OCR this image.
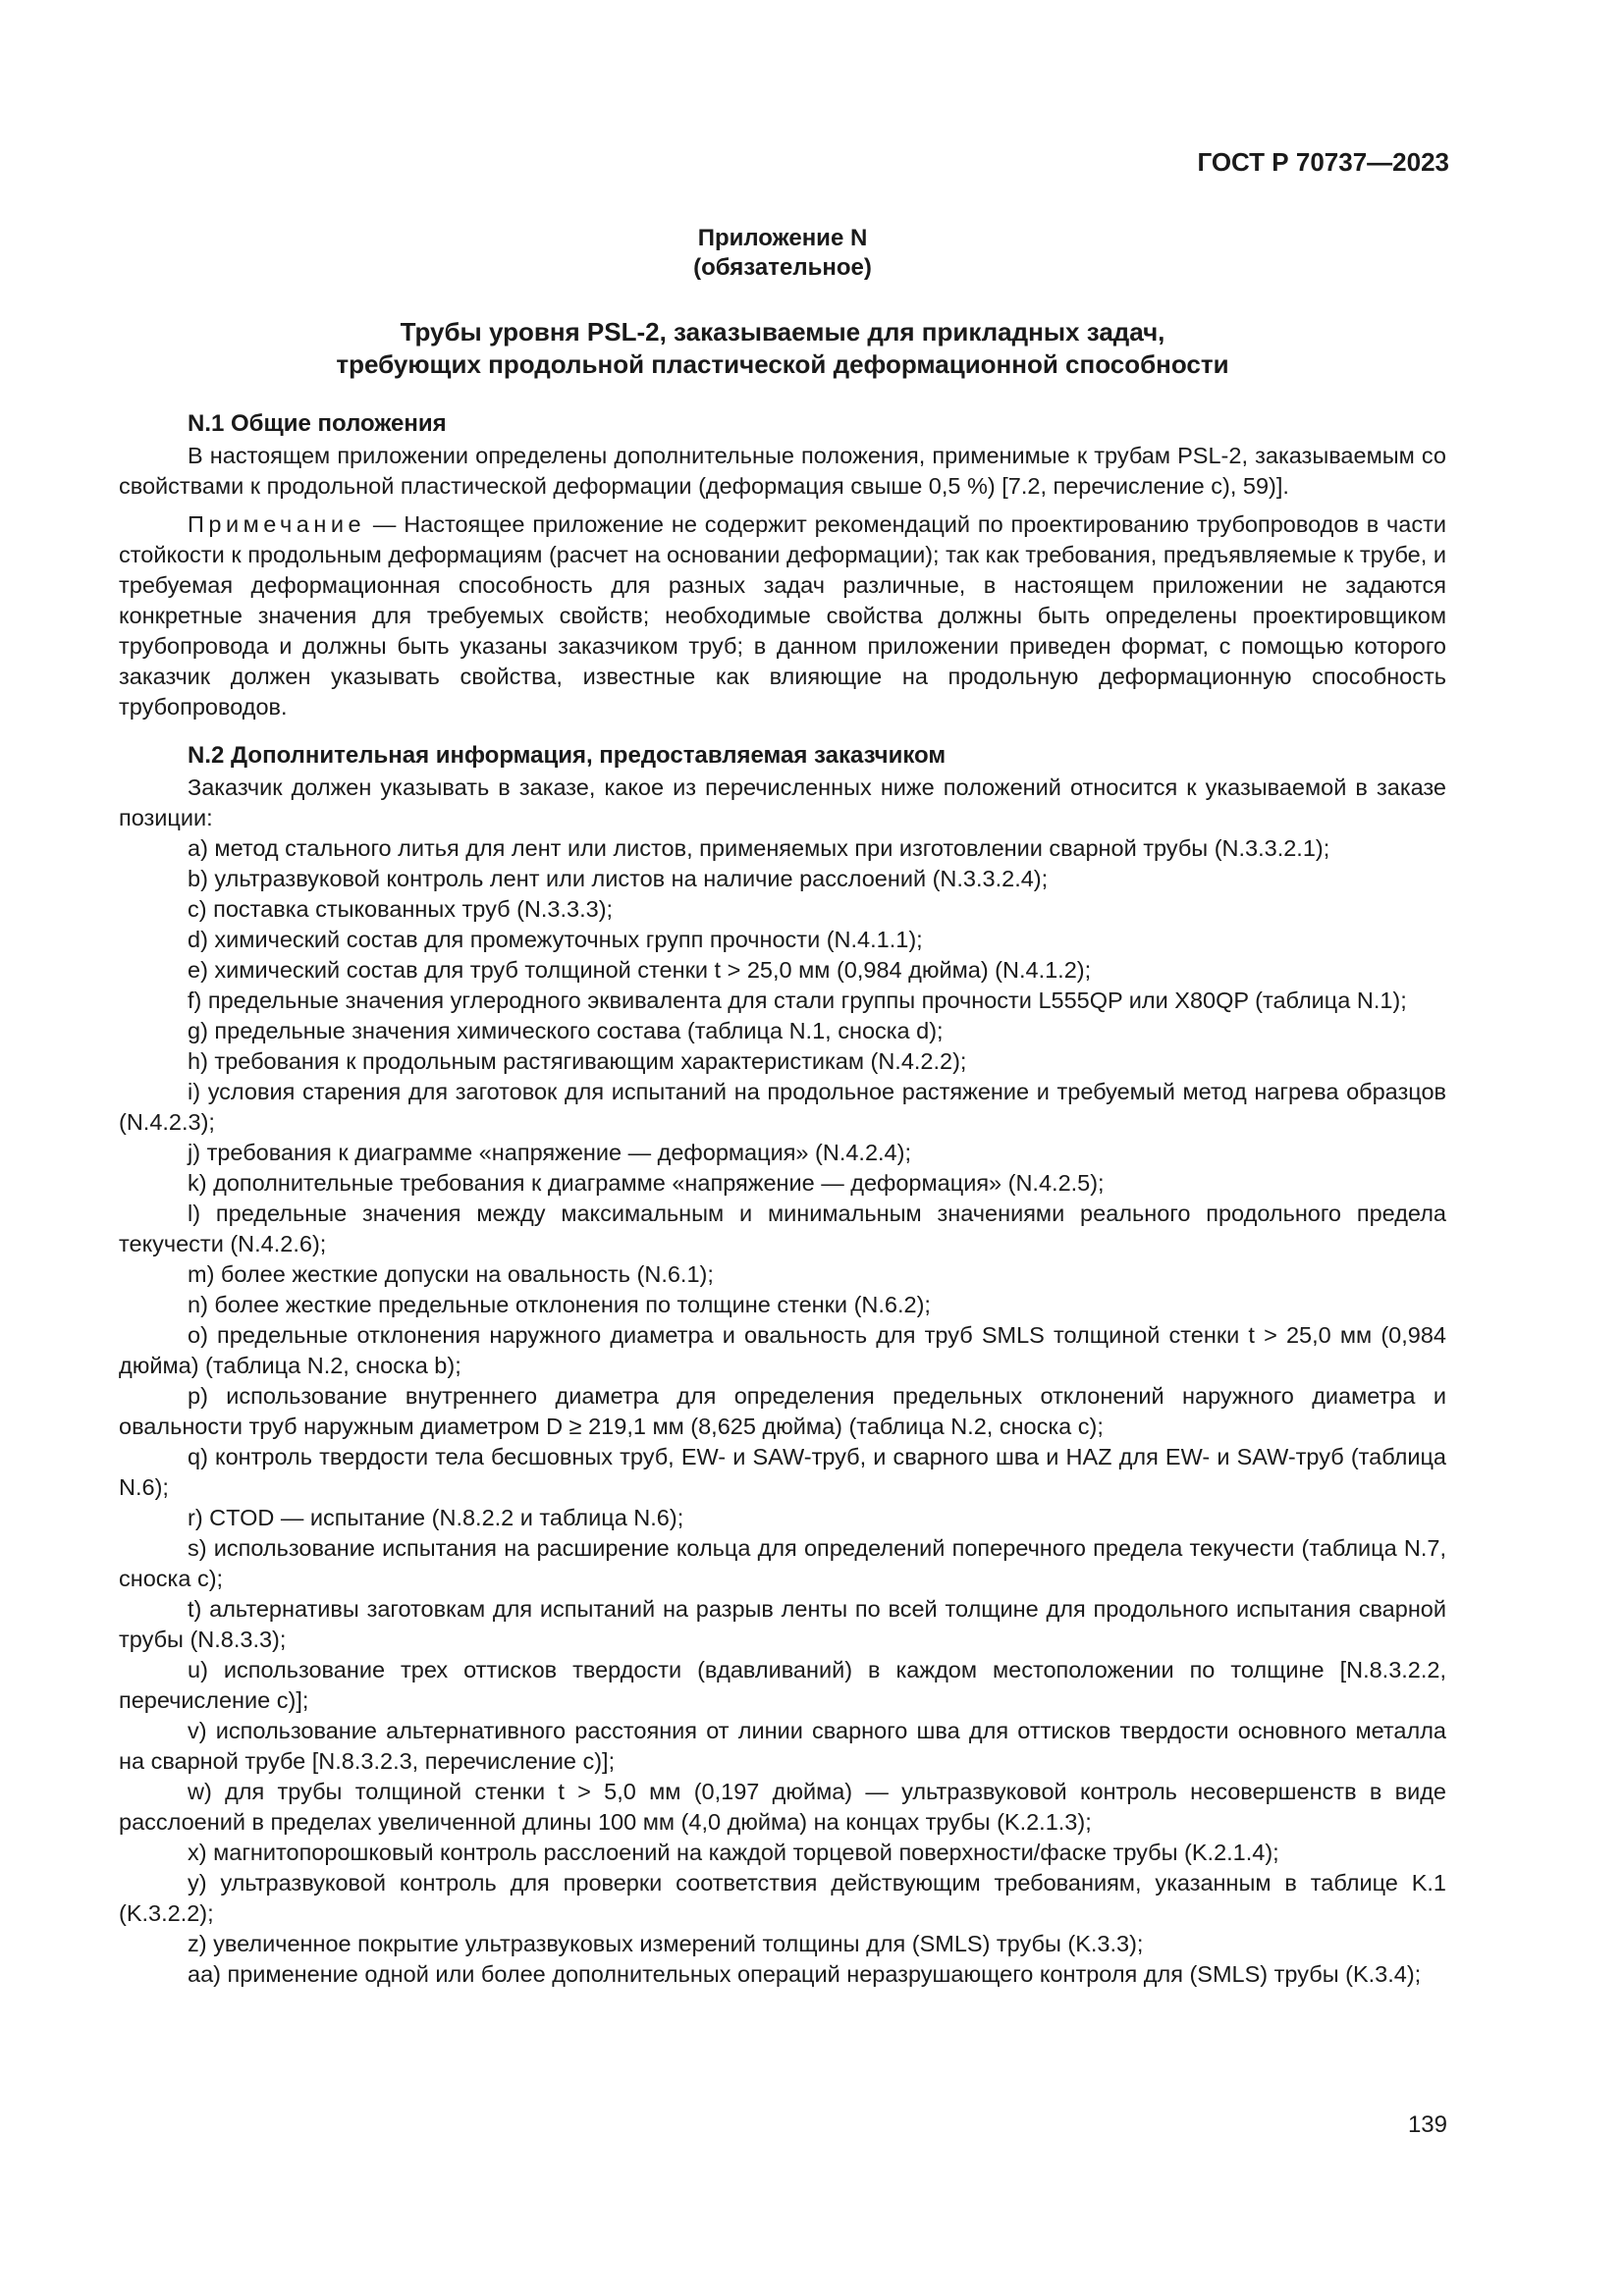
ГОСТ Р 70737—2023
Приложение N
(обязательное)
Трубы уровня PSL-2, заказываемые для прикладных задач,
требующих продольной пластической деформационной способности
N.1 Общие положения

В настоящем приложении определены дополнительные положения, применимые к трубам PSL-2, заказываемым со свойствами к продольной пластической деформации (деформация свыше 0,5 %) [7.2, перечисление c), 59)].

Примечание — Настоящее приложение не содержит рекомендаций по проектированию трубопроводов в части стойкости к продольным деформациям (расчет на основании деформации); так как требования, предъявляемые к трубе, и требуемая деформационная способность для разных задач различные, в настоящем приложении не задаются конкретные значения для требуемых свойств; необходимые свойства должны быть определены проектировщиком трубопровода и должны быть указаны заказчиком труб; в данном приложении приведен формат, с помощью которого заказчик должен указывать свойства, известные как влияющие на продольную деформационную способность трубопроводов.

N.2 Дополнительная информация, предоставляемая заказчиком

Заказчик должен указывать в заказе, какое из перечисленных ниже положений относится к указываемой в заказе позиции:

a) метод стального литья для лент или листов, применяемых при изготовлении сварной трубы (N.3.3.2.1);
b) ультразвуковой контроль лент или листов на наличие расслоений (N.3.3.2.4);
c) поставка стыкованных труб (N.3.3.3);
d) химический состав для промежуточных групп прочности (N.4.1.1);
e) химический состав для труб толщиной стенки t > 25,0 мм (0,984 дюйма) (N.4.1.2);
f) предельные значения углеродного эквивалента для стали группы прочности L555QP или X80QP (таблица N.1);
g) предельные значения химического состава (таблица N.1, сноска d);
h) требования к продольным растягивающим характеристикам (N.4.2.2);
i) условия старения для заготовок для испытаний на продольное растяжение и требуемый метод нагрева образцов (N.4.2.3);
j) требования к диаграмме «напряжение — деформация» (N.4.2.4);
k) дополнительные требования к диаграмме «напряжение — деформация» (N.4.2.5);
l) предельные значения между максимальным и минимальным значениями реального продольного предела текучести (N.4.2.6);
m) более жесткие допуски на овальность (N.6.1);
n) более жесткие предельные отклонения по толщине стенки (N.6.2);
o) предельные отклонения наружного диаметра и овальность для труб SMLS толщиной стенки t > 25,0 мм (0,984 дюйма) (таблица N.2, сноска b);
p) использование внутреннего диаметра для определения предельных отклонений наружного диаметра и овальности труб наружным диаметром D ≥ 219,1 мм (8,625 дюйма) (таблица N.2, сноска c);
q) контроль твердости тела бесшовных труб, EW- и SAW-труб, и сварного шва и HAZ для EW- и SAW-труб (таблица N.6);
r) CTOD — испытание (N.8.2.2 и таблица N.6);
s) использование испытания на расширение кольца для определений поперечного предела текучести (таблица N.7, сноска c);
t) альтернативы заготовкам для испытаний на разрыв ленты по всей толщине для продольного испытания сварной трубы (N.8.3.3);
u) использование трех оттисков твердости (вдавливаний) в каждом местоположении по толщине [N.8.3.2.2, перечисление c)];
v) использование альтернативного расстояния от линии сварного шва для оттисков твердости основного металла на сварной трубе [N.8.3.2.3, перечисление c)];
w) для трубы толщиной стенки t > 5,0 мм (0,197 дюйма) — ультразвуковой контроль несовершенств в виде расслоений в пределах увеличенной длины 100 мм (4,0 дюйма) на концах трубы (K.2.1.3);
x) магнитопорошковый контроль расслоений на каждой торцевой поверхности/фаске трубы (K.2.1.4);
y) ультразвуковой контроль для проверки соответствия действующим требованиям, указанным в таблице K.1 (K.3.2.2);
z) увеличенное покрытие ультразвуковых измерений толщины для (SMLS) трубы (K.3.3);
aa) применение одной или более дополнительных операций неразрушающего контроля для (SMLS) трубы (K.3.4);
139
